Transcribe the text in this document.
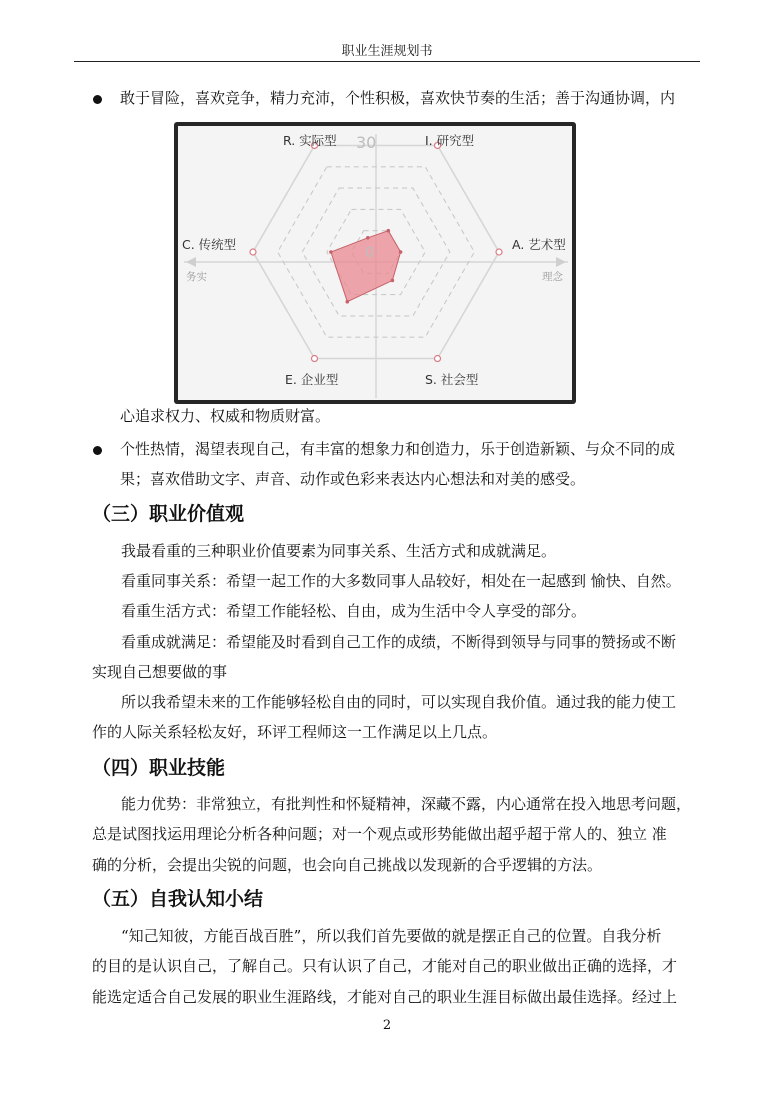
职业生涯规划书
敢于冒险，喜欢竞争，精力充沛，个性积极，喜欢快节奏的生活；善于沟通协调，内
R. 实际型	I. 研究型
A. 艺术型
S. 社会型
E. 企业型
C. 传统型
30
0
务实	理念
心追求权力、权威和物质财富。
个性热情，渴望表现自己，有丰富的想象力和创造力，乐于创造新颖、与众不同的成
果；喜欢借助文字、声音、动作或色彩来表达内心想法和对美的感受。
（三）职业价值观
我最看重的三种职业价值要素为同事关系、生活方式和成就满足。
看重同事关系：希望一起工作的大多数同事人品较好，相处在一起感到 愉快、自然。
看重生活方式：希望工作能轻松、自由，成为生活中令人享受的部分。
看重成就满足：希望能及时看到自己工作的成绩，不断得到领导与同事的赞扬或不断
实现自己想要做的事
所以我希望未来的工作能够轻松自由的同时，可以实现自我价值。通过我的能力使工
作的人际关系轻松友好，环评工程师这一工作满足以上几点。
（四）职业技能
能力优势：非常独立，有批判性和怀疑精神，深藏不露，内心通常在投入地思考问题，
总是试图找运用理论分析各种问题；对一个观点或形势能做出超乎超于常人的、独立 准
确的分析，会提出尖锐的问题，也会向自己挑战以发现新的合乎逻辑的方法。
（五）自我认知小结
“知己知彼，方能百战百胜”，所以我们首先要做的就是摆正自己的位置。自我分析
的目的是认识自己，了解自己。只有认识了自己，才能对自己的职业做出正确的选择，才
能选定适合自己发展的职业生涯路线，才能对自己的职业生涯目标做出最佳选择。经过上
2
